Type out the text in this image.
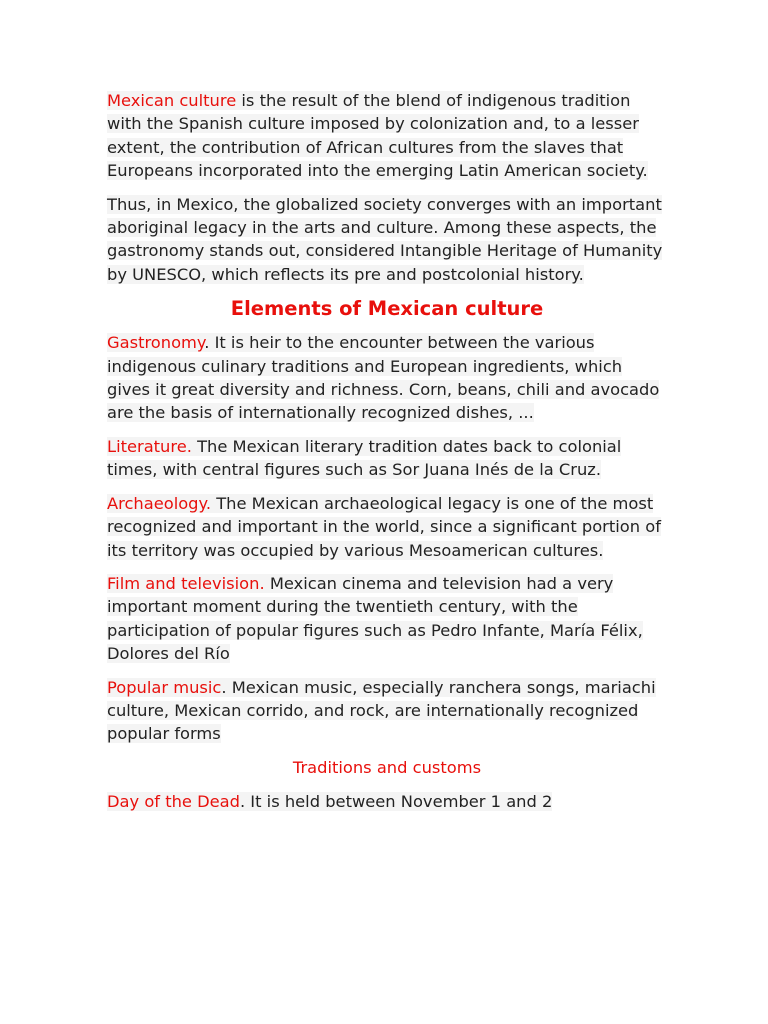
Mexican culture is the result of the blend of indigenous tradition with the Spanish culture imposed by colonization and, to a lesser extent, the contribution of African cultures from the slaves that Europeans incorporated into the emerging Latin American society.

Thus, in Mexico, the globalized society converges with an important aboriginal legacy in the arts and culture. Among these aspects, the gastronomy stands out, considered Intangible Heritage of Humanity by UNESCO, which reflects its pre and postcolonial history.

Elements of Mexican culture

Gastronomy. It is heir to the encounter between the various indigenous culinary traditions and European ingredients, which gives it great diversity and richness. Corn, beans, chili and avocado are the basis of internationally recognized dishes, ...

Literature. The Mexican literary tradition dates back to colonial times, with central figures such as Sor Juana Inés de la Cruz.

Archaeology. The Mexican archaeological legacy is one of the most recognized and important in the world, since a significant portion of its territory was occupied by various Mesoamerican cultures.

Film and television. Mexican cinema and television had a very important moment during the twentieth century, with the participation of popular figures such as Pedro Infante, María Félix, Dolores del Río

Popular music. Mexican music, especially ranchera songs, mariachi culture, Mexican corrido, and rock, are internationally recognized popular forms

Traditions and customs

Day of the Dead. It is held between November 1 and 2
